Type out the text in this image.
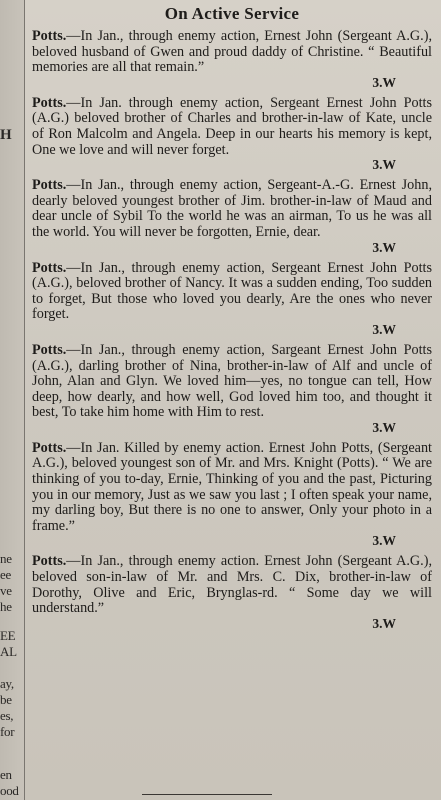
H
ne
ee
ve
he
EE
AL
ay,
be
es,
for
en
ood
On Active Service
Potts.—In Jan., through enemy action, Ernest John (Sergeant A.G.), beloved husband of Gwen and proud daddy of Christine. “ Beautiful memories are all that remain.”
3.W
Potts.—In Jan. through enemy action, Sergeant Ernest John Potts (A.G.) beloved brother of Charles and brother-in-law of Kate, uncle of Ron Malcolm and Angela. Deep in our hearts his memory is kept, One we love and will never forget.
3.W
Potts.—In Jan., through enemy action, Sergeant-A.-G. Ernest John, dearly beloved youngest brother of Jim. brother-in-law of Maud and dear uncle of Sybil To the world he was an airman, To us he was all the world. You will never be forgotten, Ernie, dear.
3.W
Potts.—In Jan., through enemy action, Sergeant Ernest John Potts (A.G.), beloved brother of Nancy. It was a sudden ending, Too sudden to forget, But those who loved you dearly, Are the ones who never forget.
3.W
Potts.—In Jan., through enemy action, Sargeant Ernest John Potts (A.G.), darling brother of Nina, brother-in-law of Alf and uncle of John, Alan and Glyn. We loved him—yes, no tongue can tell, How deep, how dearly, and how well, God loved him too, and thought it best, To take him home with Him to rest.
3.W
Potts.—In Jan. Killed by enemy action. Ernest John Potts, (Sergeant A.G.), beloved youngest son of Mr. and Mrs. Knight (Potts). “ We are thinking of you to-day, Ernie, Thinking of you and the past, Picturing you in our memory, Just as we saw you last ; I often speak your name, my darling boy, But there is no one to answer, Only your photo in a frame.”
3.W
Potts.—In Jan., through enemy action. Ernest John (Sergeant A.G.), beloved son-in-law of Mr. and Mrs. C. Dix, brother-in-law of Dorothy, Olive and Eric, Brynglas-rd. “ Some day we will understand.”
3.W
